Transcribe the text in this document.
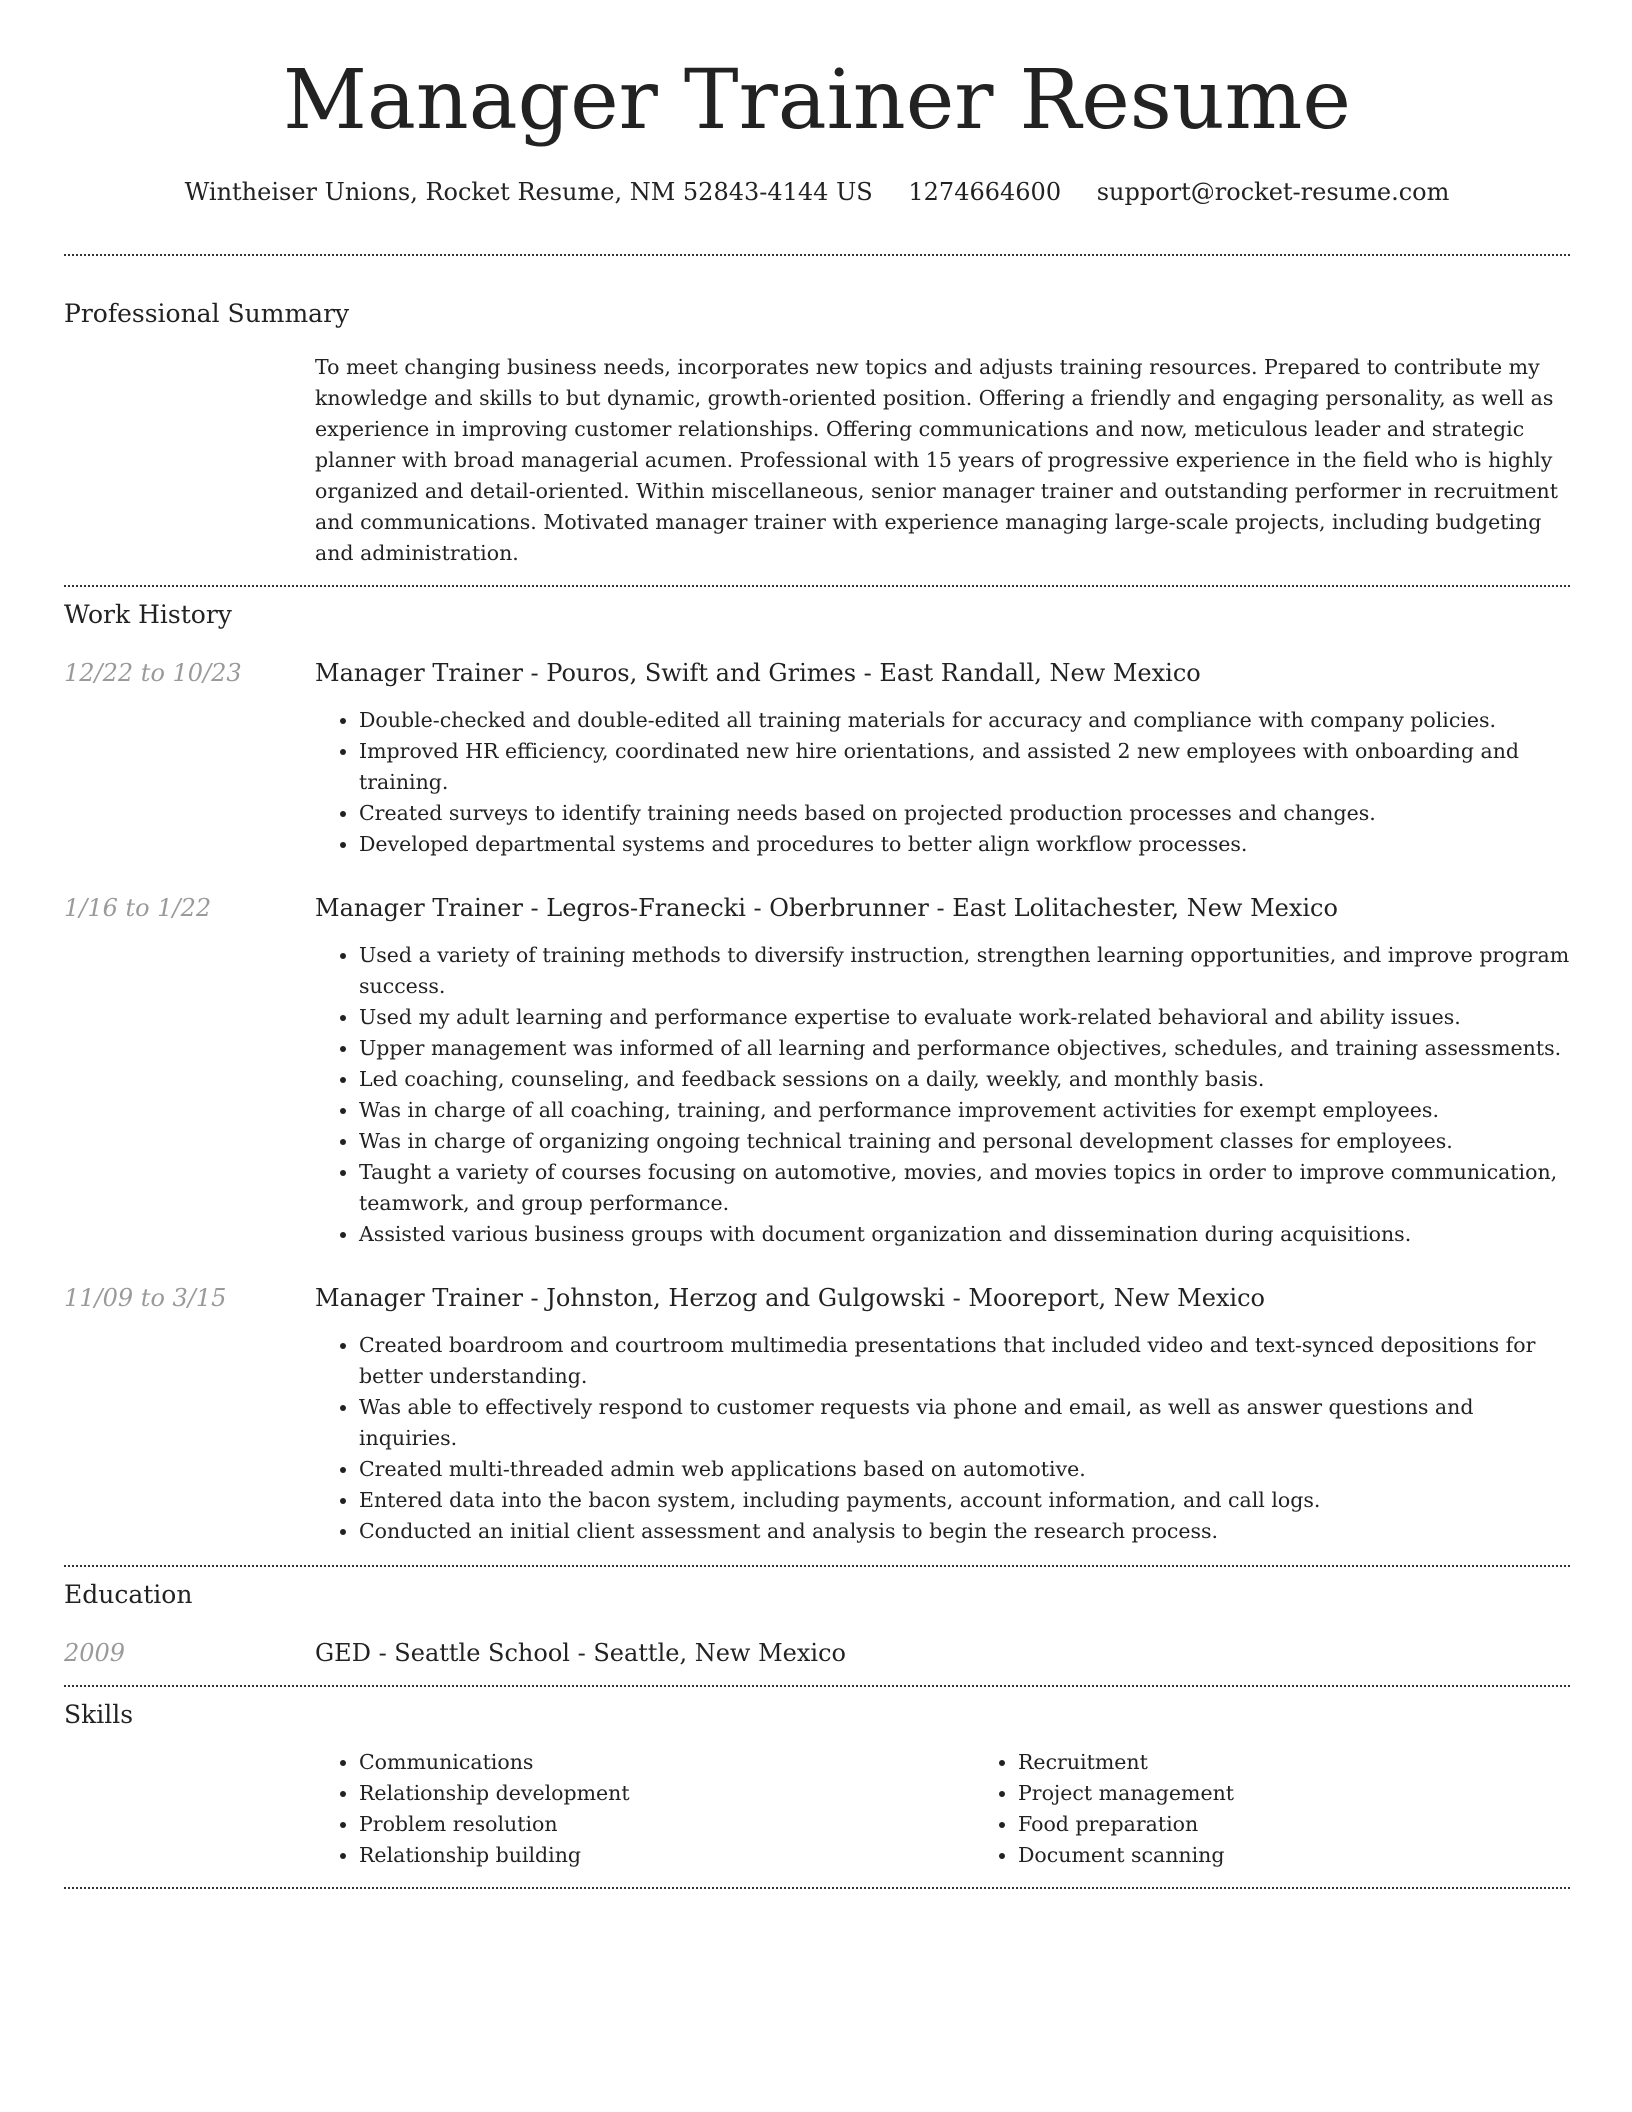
Manager Trainer Resume
Wintheiser Unions, Rocket Resume, NM 52843-4144 US 1274664600 support@rocket-resume.com
Professional Summary

To meet changing business needs, incorporates new topics and adjusts training resources. Prepared to contribute my knowledge and skills to but dynamic, growth-oriented position. Offering a friendly and engaging personality, as well as experience in improving customer relationships. Offering communications and now, meticulous leader and strategic planner with broad managerial acumen. Professional with 15 years of progressive experience in the field who is highly organized and detail-oriented. Within miscellaneous, senior manager trainer and outstanding performer in recruitment and communications. Motivated manager trainer with experience managing large-scale projects, including budgeting and administration.

Work History
12/22 to 10/23	Manager Trainer - Pouros, Swift and Grimes - East Randall, New Mexico
• Double-checked and double-edited all training materials for accuracy and compliance with company policies.
• Improved HR efficiency, coordinated new hire orientations, and assisted 2 new employees with onboarding and training.
• Created surveys to identify training needs based on projected production processes and changes.
• Developed departmental systems and procedures to better align workflow processes.
1/16 to 1/22	Manager Trainer - Legros-Franecki - Oberbrunner - East Lolitachester, New Mexico
• Used a variety of training methods to diversify instruction, strengthen learning opportunities, and improve program success.
• Used my adult learning and performance expertise to evaluate work-related behavioral and ability issues.
• Upper management was informed of all learning and performance objectives, schedules, and training assessments.
• Led coaching, counseling, and feedback sessions on a daily, weekly, and monthly basis.
• Was in charge of all coaching, training, and performance improvement activities for exempt employees.
• Was in charge of organizing ongoing technical training and personal development classes for employees.
• Taught a variety of courses focusing on automotive, movies, and movies topics in order to improve communication, teamwork, and group performance.
• Assisted various business groups with document organization and dissemination during acquisitions.
11/09 to 3/15	Manager Trainer - Johnston, Herzog and Gulgowski - Mooreport, New Mexico
• Created boardroom and courtroom multimedia presentations that included video and text-synced depositions for better understanding.
• Was able to effectively respond to customer requests via phone and email, as well as answer questions and inquiries.
• Created multi-threaded admin web applications based on automotive.
• Entered data into the bacon system, including payments, account information, and call logs.
• Conducted an initial client assessment and analysis to begin the research process.
Education
2009	GED - Seattle School - Seattle, New Mexico
Skills
• Communications
• Relationship development
• Problem resolution
• Relationship building
• Recruitment
• Project management
• Food preparation
• Document scanning
